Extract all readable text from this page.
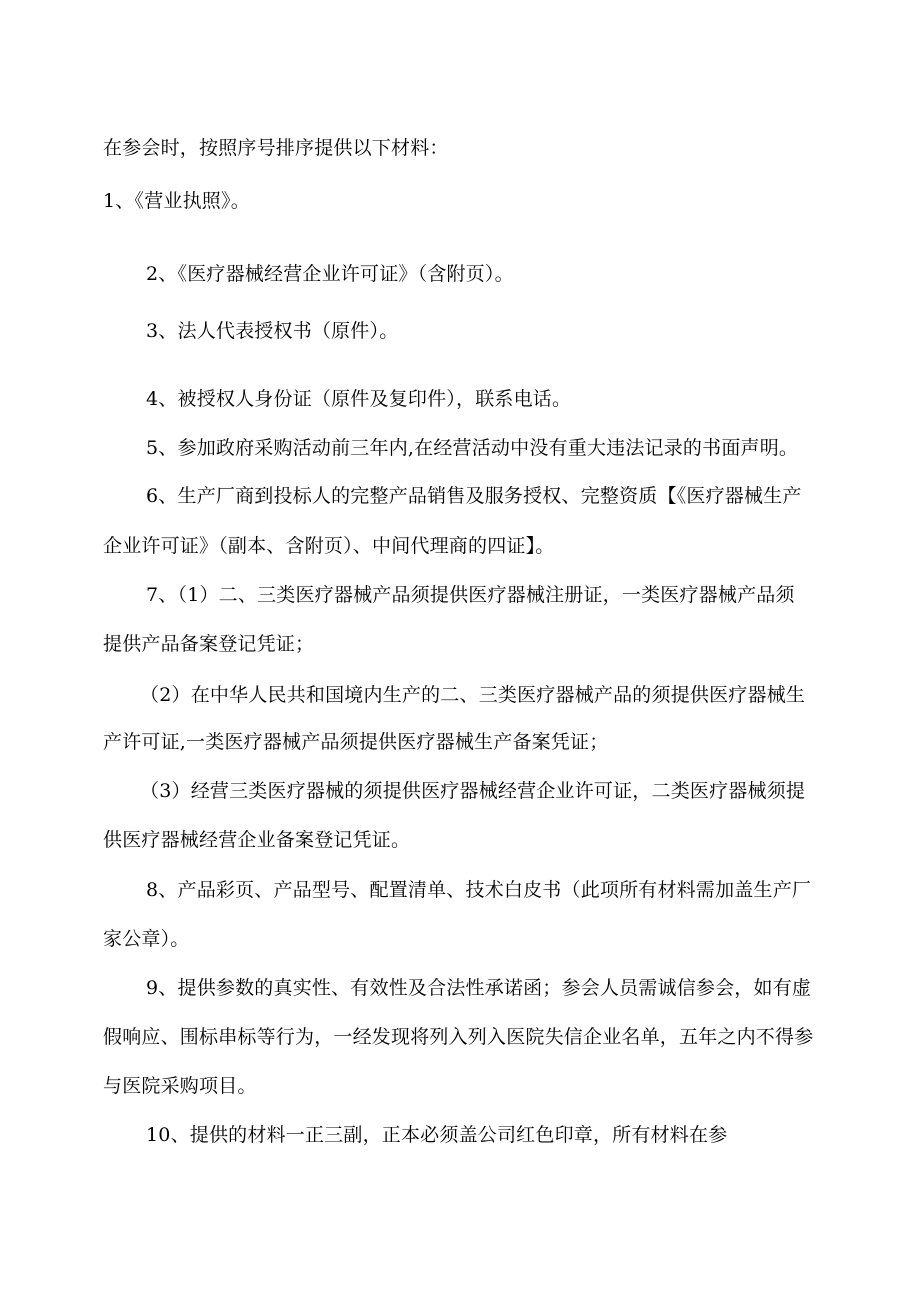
在参会时，按照序号排序提供以下材料：
1、《营业执照》。
2、《医疗器械经营企业许可证》（含附页）。
3、法人代表授权书（原件）。
4、被授权人身份证（原件及复印件），联系电话。
5、参加政府采购活动前三年内,在经营活动中没有重大违法记录的书面声明。
6、生产厂商到投标人的完整产品销售及服务授权、完整资质【《医疗器械生产
企业许可证》（副本、含附页）、中间代理商的四证】。
7、（1）二、三类医疗器械产品须提供医疗器械注册证，一类医疗器械产品须
提供产品备案登记凭证；
（2）在中华人民共和国境内生产的二、三类医疗器械产品的须提供医疗器械生
产许可证,一类医疗器械产品须提供医疗器械生产备案凭证；
（3）经营三类医疗器械的须提供医疗器械经营企业许可证，二类医疗器械须提
供医疗器械经营企业备案登记凭证。
8、产品彩页、产品型号、配置清单、技术白皮书（此项所有材料需加盖生产厂
家公章）。
9、提供参数的真实性、有效性及合法性承诺函；参会人员需诚信参会，如有虚
假响应、围标串标等行为，一经发现将列入列入医院失信企业名单，五年之内不得参
与医院采购项目。
10、提供的材料一正三副，正本必须盖公司红色印章，所有材料在参
